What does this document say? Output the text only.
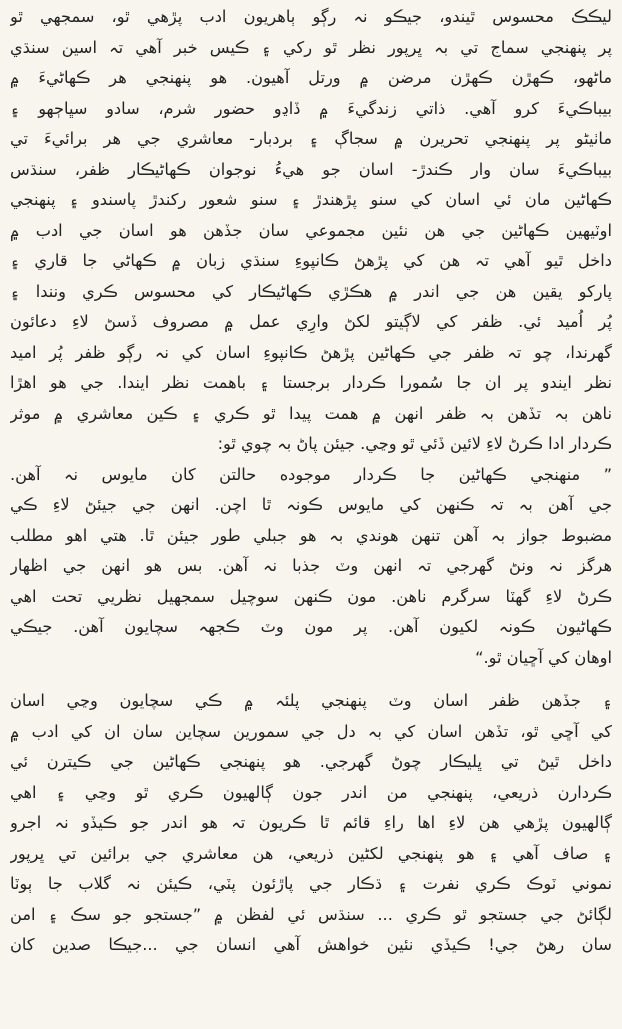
ليڪڪ محسوس ٿيندو، جيڪو نہ رڳو ٻاهريون ادب پڙهي ٿو، سمجهي ٿو
پر پنهنجي سماج تي بہ ڀرپور نظر ٿو رکي ۽ ڪيس خبر آهي تہ اسين سنڌي
ماڻهو، ڪهڙن ڪهڙن مرضن ۾ ورتل آهيون. هو پنهنجي هر ڪهاڻيءَ ۾
بيباڪيءَ کرو آهي. ذاتي زندگيءَ ۾ ڏاڍو حضور شرم، سادو سڀاڄهو ۽
ماٺيڻو پر پنهنجي تحريرن ۾ سجاڳ ۽ بردبار- معاشري جي هر برائيءَ تي
بيباڪيءَ سان وار ڪندڙ- اسان جو هيءُ نوجوان ڪهاڻيڪار ظفر، سنڌس
ڪهاڻين مان ئي اسان کي سنو پڙهندڙ ۽ سنو شعور رکندڙ پاسندو ۽ پنهنجي
اوٽيهين ڪهاڻين جي هن نئين مجموعي سان جڏهن هو اسان جي ادب ۾
داخل ٿيو آهي تہ هن کي پڙهڻ ڪانپوءِ سنڌي زبان ۾ ڪهاڻي جا قاري ۽
پارکو يقين هن جي اندر ۾ هڪڙي ڪهاڻيڪار کي محسوس ڪري ونندا ۽
پُر اُميد ئي. ظفر کي لاڳيتو لکڻ وارِي عمل ۾ مصروف ڏسڻ لاءِ دعائون
گهرندا، چو تہ ظفر جي ڪهاڻين پڙهڻ ڪانپوءِ اسان کي نہ رڳو ظفر پُر اميد
نظر ايندو پر ان جا سُمورا ڪردار برجستا ۽ باهمت نظر ايندا. جي هو اهڙا
ناهن بہ تڏهن بہ ظفر انهن ۾ همت پيدا ٿو ڪري ۽ ڪين معاشري ۾ موثر
ڪردار ادا ڪرڻ لاءِ لائين ڏئي ٿو وڃي. جيئن پاڻ بہ چوي ٿو:
” منهنجي ڪهاڻين جا ڪردار موجوده حالتن کان مايوس نہ آهن.
جي آهن بہ تہ ڪنهن کي مايوس ڪونہ ٿا اچن. انهن جي جيئڻ لاءِ ڪي
مضبوط جواز بہ آهن تنهن هوندي بہ هو جبلي طور جيئن ٿا. هتي اهو مطلب
هرگز نہ ونڻ گهرجي تہ انهن وٽ جذبا نہ آهن. بس هو انهن جي اظهار
ڪرڻ لاءِ گهٽا سرگرم ناهن. مون ڪنهن سوچيل سمجهيل نظريي تحت اهي
ڪهاڻيون ڪونہ لکيون آهن. پر مون وٽ ڪجهہ سچايون آهن. جيڪي
اوهان کي آڇيان ٿو.“
۽ جڏهن ظفر اسان وٽ پنهنجي پلئہ ۾ ڪي سچايون وڃي اسان
کي آڇي ٿو، تڏهن اسان کي بہ دل جي سمورين سچاين سان ان کي ادب ۾
داخل ٿيڻ تي ڀليڪار چوڻ گهرجي. هو پنهنجي ڪهاڻين جي ڪيترن ئي
ڪردارن ذريعي، پنهنجي من اندر جون ڳالهيون ڪري ٿو وڃي ۽ اهي
ڳالهيون پڙهي هن لاءِ اها راءِ قائم ٿا ڪريون تہ هو اندر جو ڪيڏو نہ اجرو
۽ صاف آهي ۽ هو پنهنجي لکڻين ذريعي، هن معاشري جي برائين تي ڀرپور
نموني ٽوڪ ڪري نفرت ۽ ڌڪار جي پاڙئون پٽي، ڪيئن نہ گلاب جا ٻوٽا
لڳائڻ جي جستجو ٿو ڪري ... سنڌس ئي لفظن ۾ ”جستجو جو سڪ ۽ امن
سان رهڻ جي! ڪيڏي نئين خواهش آهي انسان جي ...جيڪا صدين کان
